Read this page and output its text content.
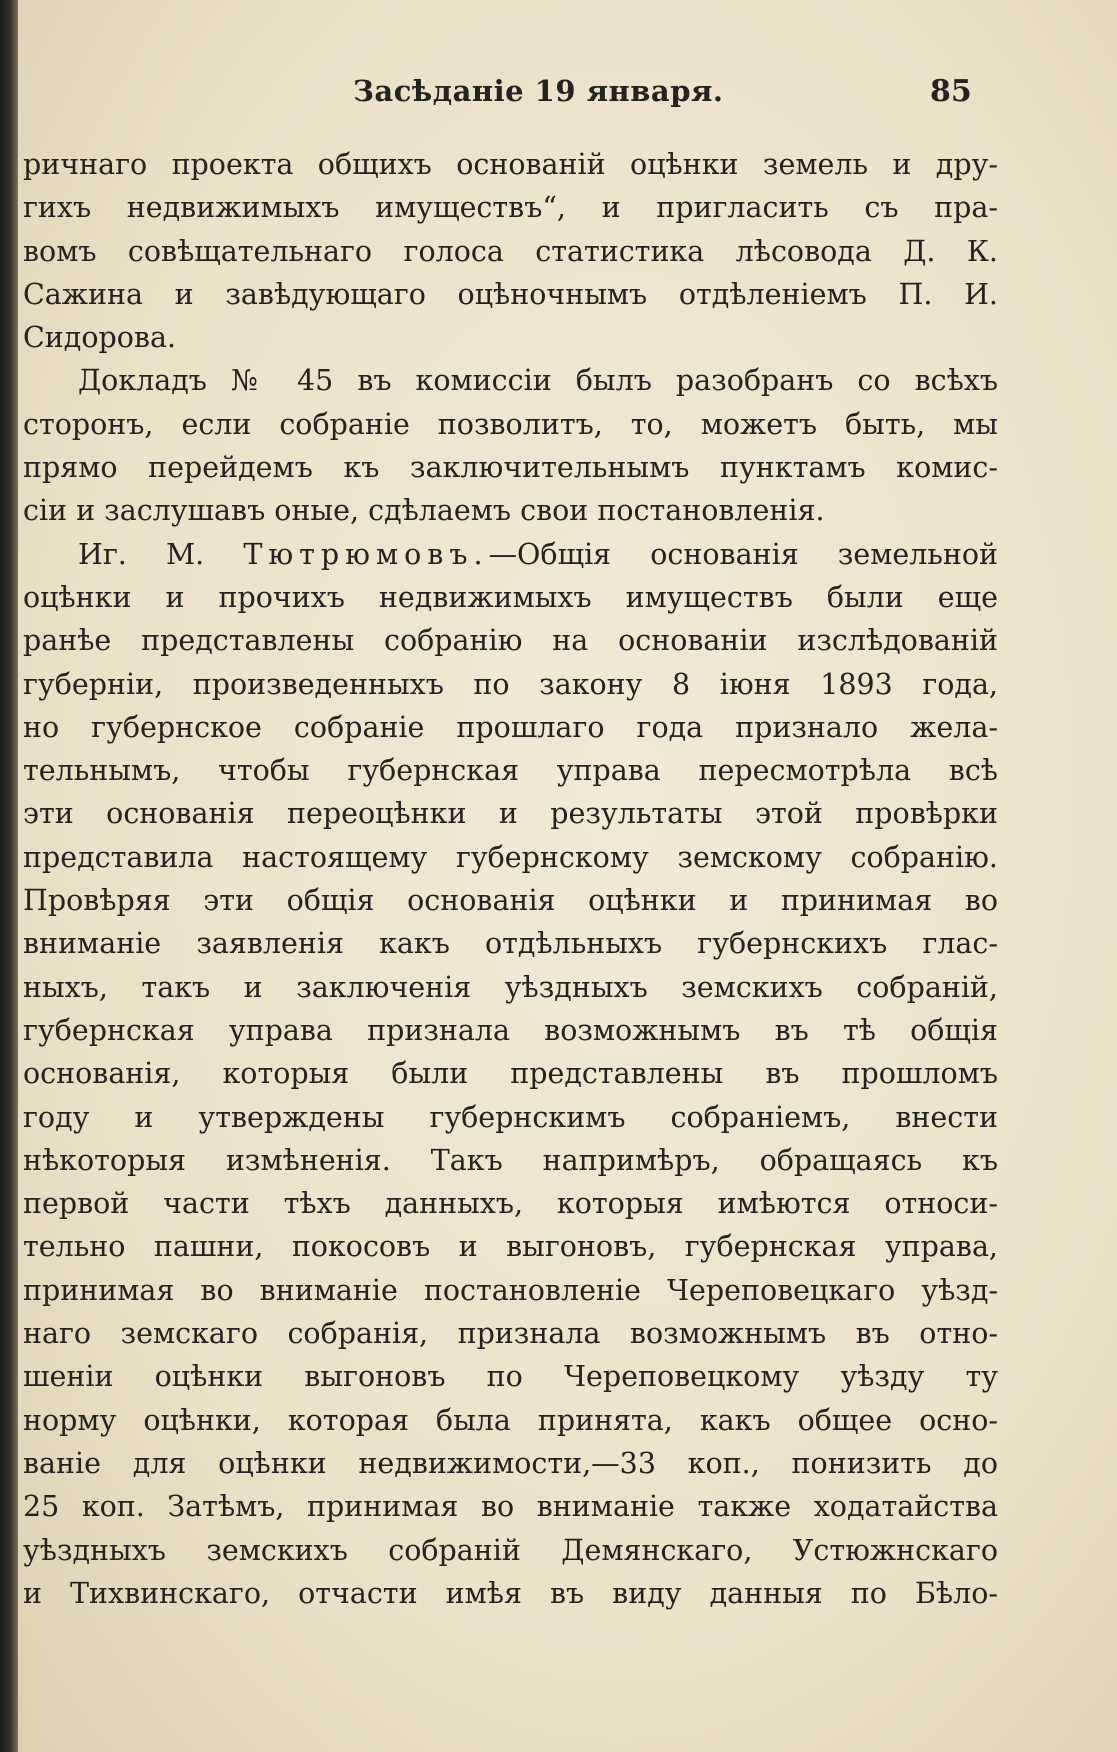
Засѣданіе 19 января.	85
ричнаго проекта общихъ основаній оцѣнки земель и дру-
гихъ недвижимыхъ имуществъ“, и пригласить съ пра-
вомъ совѣщательнаго голоса статистика лѣсовода Д. К.
Сажина и завѣдующаго оцѣночнымъ отдѣленіемъ П. И.
Сидорова.
Докладъ № 45 въ комиссіи былъ разобранъ со всѣхъ
сторонъ, если собраніе позволитъ, то, можетъ быть, мы
прямо перейдемъ къ заключительнымъ пунктамъ комис-
сіи и заслушавъ оные, сдѣлаемъ свои постановленія.
Иг. М. Тютрюмовъ.—Общія основанія земельной
оцѣнки и прочихъ недвижимыхъ имуществъ были еще
ранѣе представлены собранію на основаніи изслѣдованій
губерніи, произведенныхъ по закону 8 іюня 1893 года,
но губернское собраніе прошлаго года признало жела-
тельнымъ, чтобы губернская управа пересмотрѣла всѣ
эти основанія переоцѣнки и результаты этой провѣрки
представила настоящему губернскому земскому собранію.
Провѣряя эти общія основанія оцѣнки и принимая во
вниманіе заявленія какъ отдѣльныхъ губернскихъ глас-
ныхъ, такъ и заключенія уѣздныхъ земскихъ собраній,
губернская управа признала возможнымъ въ тѣ общія
основанія, которыя были представлены въ прошломъ
году и утверждены губернскимъ собраніемъ, внести
нѣкоторыя измѣненія. Такъ напримѣръ, обращаясь къ
первой части тѣхъ данныхъ, которыя имѣются относи-
тельно пашни, покосовъ и выгоновъ, губернская управа,
принимая во вниманіе постановленіе Череповецкаго уѣзд-
наго земскаго собранія, признала возможнымъ въ отно-
шеніи оцѣнки выгоновъ по Череповецкому уѣзду ту
норму оцѣнки, которая была принята, какъ общее осно-
ваніе для оцѣнки недвижимости,—33 коп., понизить до
25 коп. Затѣмъ, принимая во вниманіе также ходатайства
уѣздныхъ земскихъ собраній Демянскаго, Устюжнскаго
и Тихвинскаго, отчасти имѣя въ виду данныя по Бѣло-
